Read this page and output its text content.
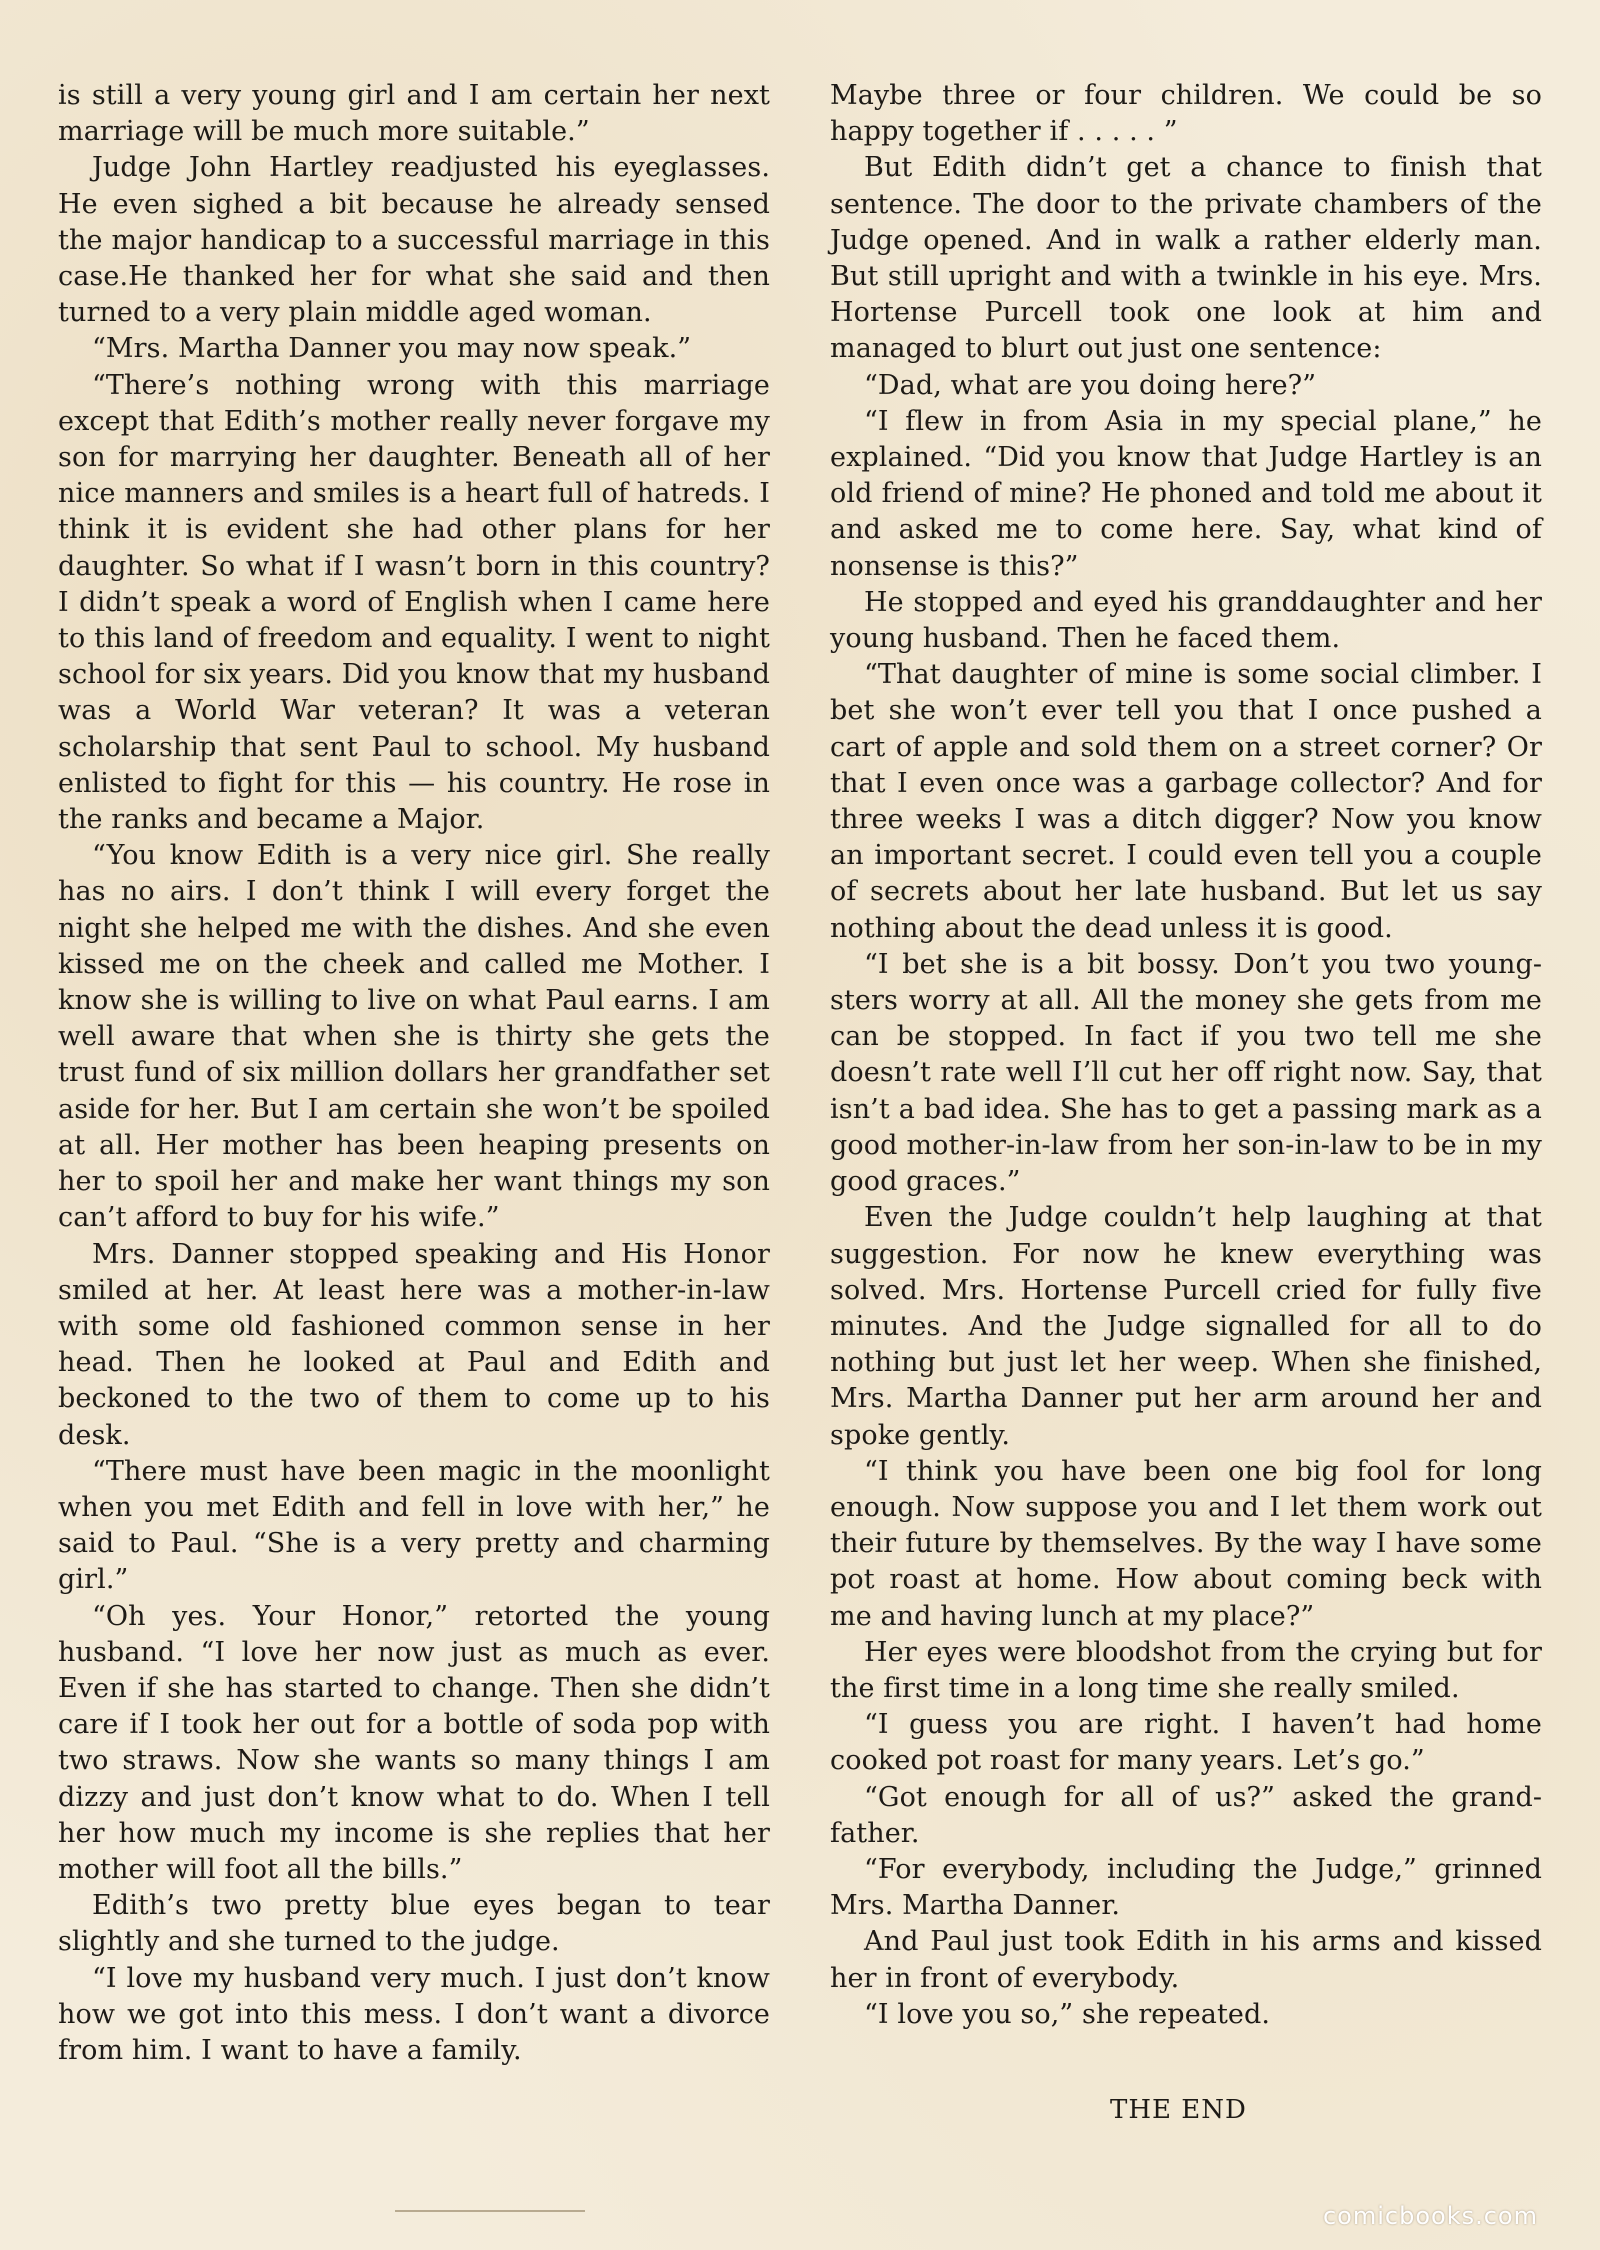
is still a very young girl and I am certain her next marriage will be much more suitable.”

Judge John Hartley readjusted his eyeglasses. He even sighed a bit because he already sensed the major handicap to a successful marriage in this case.He thanked her for what she said and then turned to a very plain middle aged woman.

“Mrs. Martha Danner you may now speak.”

“There’s nothing wrong with this marriage except that Edith’s mother really never forgave my son for marrying her daughter. Beneath all of her nice manners and smiles is a heart full of hatreds. I think it is evident she had other plans for her daughter. So what if I wasn’t born in this country? I didn’t speak a word of English when I came here to this land of freedom and equality. I went to night school for six years. Did you know that my husband was a World War veteran? It was a veteran scholarship that sent Paul to school. My husband enlisted to fight for this — his country. He rose in the ranks and became a Major.

“You know Edith is a very nice girl. She really has no airs. I don’t think I will every forget the night she helped me with the dishes. And she even kissed me on the cheek and called me Mother. I know she is willing to live on what Paul earns. I am well aware that when she is thirty she gets the trust fund of six million dollars her grandfather set aside for her. But I am certain she won’t be spoiled at all. Her mother has been heaping presents on her to spoil her and make her want things my son can’t afford to buy for his wife.”

Mrs. Danner stopped speaking and His Honor smiled at her. At least here was a mother-in-law with some old fashioned common sense in her head. Then he looked at Paul and Edith and beckoned to the two of them to come up to his desk.

“There must have been magic in the moonlight when you met Edith and fell in love with her,” he said to Paul. “She is a very pretty and charming girl.”

“Oh yes. Your Honor,” retorted the young husband. “I love her now just as much as ever. Even if she has started to change. Then she didn’t care if I took her out for a bottle of soda pop with two straws. Now she wants so many things I am dizzy and just don’t know what to do. When I tell her how much my income is she replies that her mother will foot all the bills.”

Edith’s two pretty blue eyes began to tear slightly and she turned to the judge.

“I love my husband very much. I just don’t know how we got into this mess. I don’t want a divorce from him. I want to have a family.

Maybe three or four children. We could be so happy together if . . . . . ”

But Edith didn’t get a chance to finish that sentence. The door to the private chambers of the Judge opened. And in walk a rather elderly man. But still upright and with a twinkle in his eye. Mrs. Hortense Purcell took one look at him and managed to blurt out just one sentence:

“Dad, what are you doing here?”

“I flew in from Asia in my special plane,” he explained. “Did you know that Judge Hartley is an old friend of mine? He phoned and told me about it and asked me to come here. Say, what kind of nonsense is this?”

He stopped and eyed his granddaughter and her young husband. Then he faced them.

“That daughter of mine is some social climber. I bet she won’t ever tell you that I once pushed a cart of apple and sold them on a street corner? Or that I even once was a garbage collector? And for three weeks I was a ditch digger? Now you know an important secret. I could even tell you a couple of secrets about her late husband. But let us say nothing about the dead unless it is good.

“I bet she is a bit bossy. Don’t you two youngsters worry at all. All the money she gets from me can be stopped. In fact if you two tell me she doesn’t rate well I’ll cut her off right now. Say, that isn’t a bad idea. She has to get a passing mark as a good mother-in-law from her son-in-law to be in my good graces.”

Even the Judge couldn’t help laughing at that suggestion. For now he knew everything was solved. Mrs. Hortense Purcell cried for fully five minutes. And the Judge signalled for all to do nothing but just let her weep. When she finished, Mrs. Martha Danner put her arm around her and spoke gently.

“I think you have been one big fool for long enough. Now suppose you and I let them work out their future by themselves. By the way I have some pot roast at home. How about coming beck with me and having lunch at my place?”

Her eyes were bloodshot from the crying but for the first time in a long time she really smiled.

“I guess you are right. I haven’t had home cooked pot roast for many years. Let’s go.”

“Got enough for all of us?” asked the grandfather.

“For everybody, including the Judge,” grinned Mrs. Martha Danner.

And Paul just took Edith in his arms and kissed her in front of everybody.

“I love you so,” she repeated.

THE END
comicbooks.com
